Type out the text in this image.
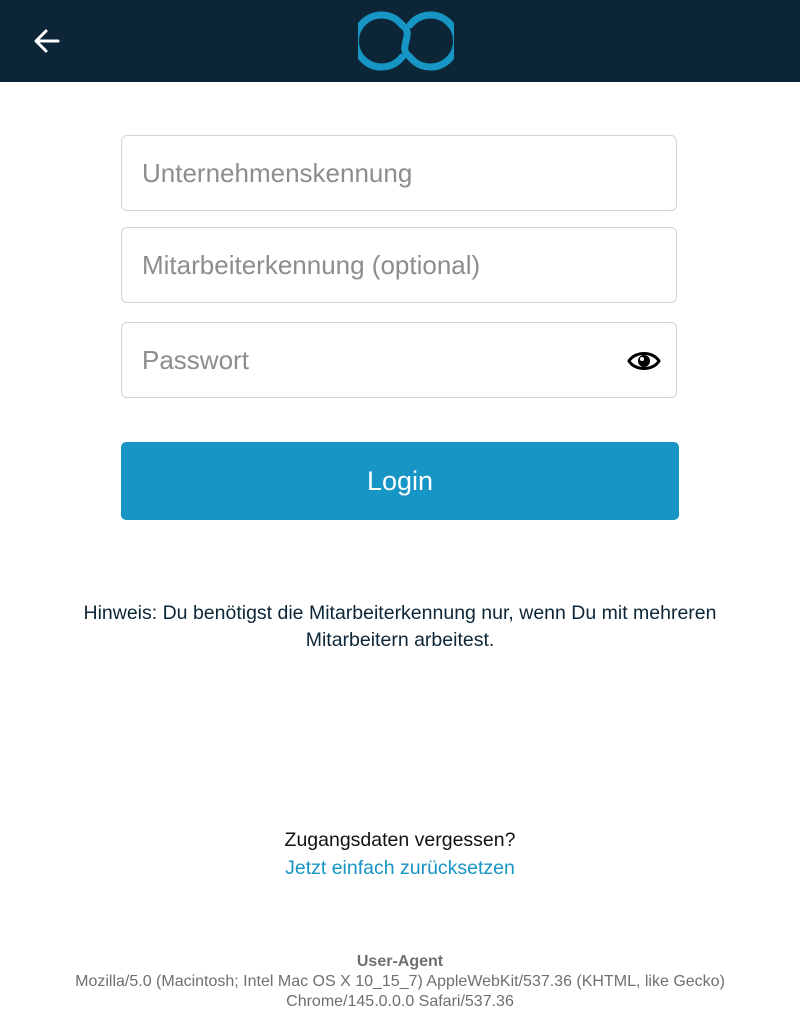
Unternehmenskennung
Mitarbeiterkennung (optional)
Login
Hinweis: Du benötigst die Mitarbeiterkennung nur, wenn Du mit mehreren Mitarbeitern arbeitest.
Zugangsdaten vergessen?
Jetzt einfach zurücksetzen
User-Agent
Mozilla/5.0 (Macintosh; Intel Mac OS X 10_15_7) AppleWebKit/537.36 (KHTML, like Gecko) Chrome/145.0.0.0 Safari/537.36
